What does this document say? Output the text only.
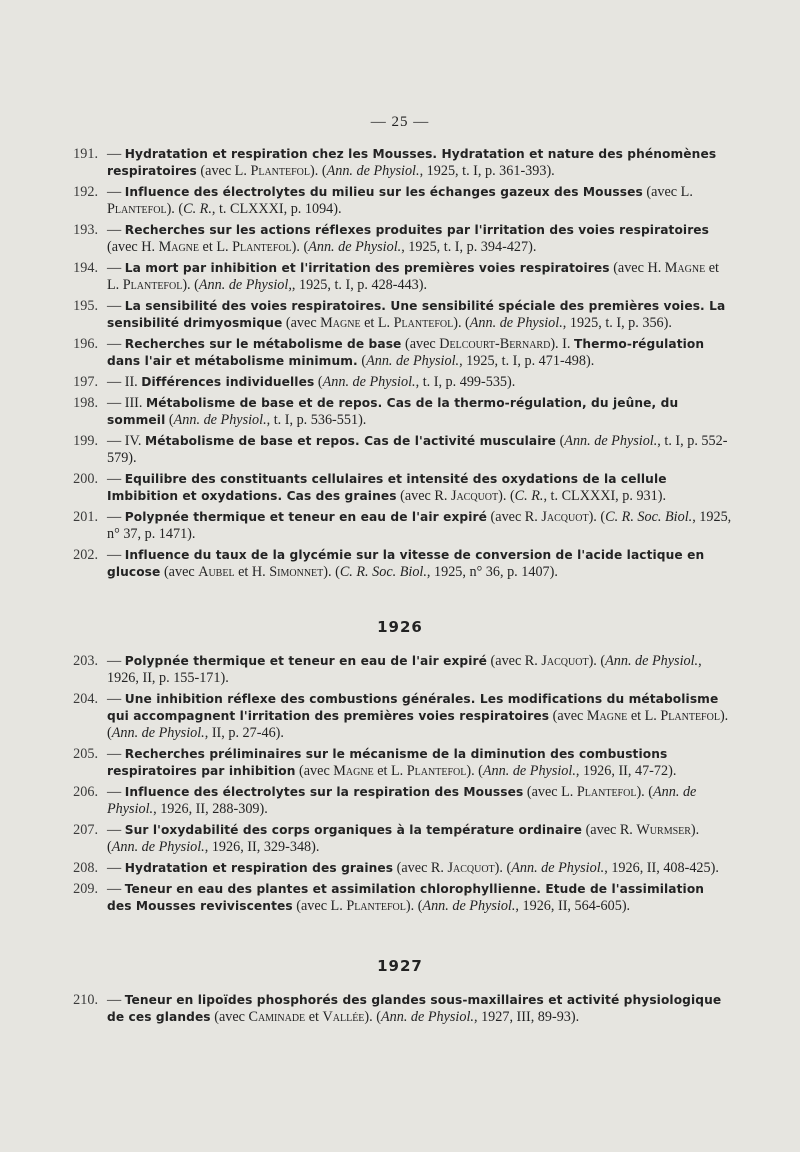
— 25 —
191. — Hydratation et respiration chez les Mousses. Hydratation et nature des phénomènes respiratoires (avec L. Plantefol). (Ann. de Physiol., 1925, t. I, p. 361-393).
192. — Influence des électrolytes du milieu sur les échanges gazeux des Mousses (avec L. Plantefol). (C. R., t. CLXXXI, p. 1094).
193. — Recherches sur les actions réflexes produites par l'irritation des voies respiratoires (avec H. Magne et L. Plantefol). (Ann. de Physiol., 1925, t. I, p. 394-427).
194. — La mort par inhibition et l'irritation des premières voies respiratoires (avec H. Magne et L. Plantefol). (Ann. de Physiol,, 1925, t. I, p. 428-443).
195. — La sensibilité des voies respiratoires. Une sensibilité spéciale des premières voies. La sensibilité drimyosmique (avec Magne et L. Plantefol). (Ann. de Physiol., 1925, t. I, p. 356).
196. — Recherches sur le métabolisme de base (avec Delcourt-Bernard). I. Thermo-régulation dans l'air et métabolisme minimum. (Ann. de Physiol., 1925, t. I, p. 471-498).
197. — II. Différences individuelles (Ann. de Physiol., t. I, p. 499-535).
198. — III. Métabolisme de base et de repos. Cas de la thermo-régulation, du jeûne, du sommeil (Ann. de Physiol., t. I, p. 536-551).
199. — IV. Métabolisme de base et repos. Cas de l'activité musculaire (Ann. de Physiol., t. I, p. 552-579).
200. — Equilibre des constituants cellulaires et intensité des oxydations de la cellule Imbibition et oxydations. Cas des graines (avec R. Jacquot). (C. R., t. CLXXXI, p. 931).
201. — Polypnée thermique et teneur en eau de l'air expiré (avec R. Jacquot). (C. R. Soc. Biol., 1925, n° 37, p. 1471).
202. — Influence du taux de la glycémie sur la vitesse de conversion de l'acide lactique en glucose (avec Aubel et H. Simonnet). (C. R. Soc. Biol., 1925, n° 36, p. 1407).
1926
203. — Polypnée thermique et teneur en eau de l'air expiré (avec R. Jacquot). (Ann. de Physiol., 1926, II, p. 155-171).
204. — Une inhibition réflexe des combustions générales. Les modifications du métabolisme qui accompagnent l'irritation des premières voies respiratoires (avec Magne et L. Plantefol). (Ann. de Physiol., II, p. 27-46).
205. — Recherches préliminaires sur le mécanisme de la diminution des combustions respiratoires par inhibition (avec Magne et L. Plantefol). (Ann. de Physiol., 1926, II, 47-72).
206. — Influence des électrolytes sur la respiration des Mousses (avec L. Plantefol). (Ann. de Physiol., 1926, II, 288-309).
207. — Sur l'oxydabilité des corps organiques à la température ordinaire (avec R. Wurmser). (Ann. de Physiol., 1926, II, 329-348).
208. — Hydratation et respiration des graines (avec R. Jacquot). (Ann. de Physiol., 1926, II, 408-425).
209. — Teneur en eau des plantes et assimilation chlorophyllienne. Etude de l'assimilation des Mousses reviviscentes (avec L. Plantefol). (Ann. de Physiol., 1926, II, 564-605).
1927
210. — Teneur en lipoïdes phosphorés des glandes sous-maxillaires et activité physiologique de ces glandes (avec Caminade et Vallée). (Ann. de Physiol., 1927, III, 89-93).
